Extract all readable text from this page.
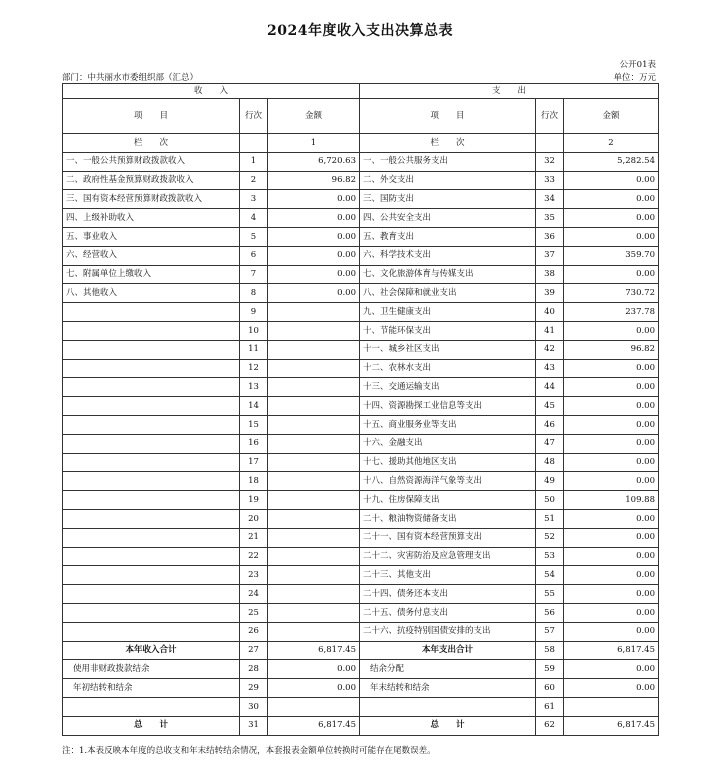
2024年度收入支出决算总表
公开01表
部门：中共丽水市委组织部（汇总）	单位：万元
收　　入			支　　出		
项　　目	行次	金额	项　　目	行次	金额
栏　　次		1	栏　　次		2
一、一般公共预算财政拨款收入	1	6,720.63	一、一般公共服务支出	32	5,282.54
二、政府性基金预算财政拨款收入	2	96.82	二、外交支出	33	0.00
三、国有资本经营预算财政拨款收入	3	0.00	三、国防支出	34	0.00
四、上级补助收入	4	0.00	四、公共安全支出	35	0.00
五、事业收入	5	0.00	五、教育支出	36	0.00
六、经营收入	6	0.00	六、科学技术支出	37	359.70
七、附属单位上缴收入	7	0.00	七、文化旅游体育与传媒支出	38	0.00
八、其他收入	8	0.00	八、社会保障和就业支出	39	730.72
	9		九、卫生健康支出	40	237.78
	10		十、节能环保支出	41	0.00
	11		十一、城乡社区支出	42	96.82
	12		十二、农林水支出	43	0.00
	13		十三、交通运输支出	44	0.00
	14		十四、资源勘探工业信息等支出	45	0.00
	15		十五、商业服务业等支出	46	0.00
	16		十六、金融支出	47	0.00
	17		十七、援助其他地区支出	48	0.00
	18		十八、自然资源海洋气象等支出	49	0.00
	19		十九、住房保障支出	50	109.88
	20		二十、粮油物资储备支出	51	0.00
	21		二十一、国有资本经营预算支出	52	0.00
	22		二十二、灾害防治及应急管理支出	53	0.00
	23		二十三、其他支出	54	0.00
	24		二十四、债务还本支出	55	0.00
	25		二十五、债务付息支出	56	0.00
	26		二十六、抗疫特别国债安排的支出	57	0.00
本年收入合计	27	6,817.45	本年支出合计	58	6,817.45
使用非财政拨款结余	28	0.00	结余分配	59	0.00
年初结转和结余	29	0.00	年末结转和结余	60	0.00
	30			61	
总　　计	31	6,817.45	总　　计	62	6,817.45
注：1.本表反映本年度的总收支和年末结转结余情况，本套报表金额单位转换时可能存在尾数误差。
